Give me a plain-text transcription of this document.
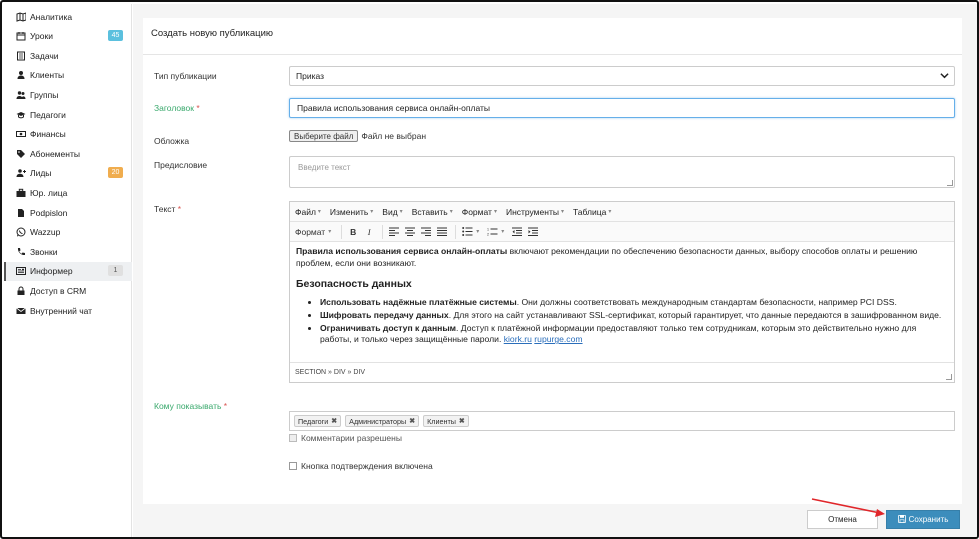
Аналитика
Уроки	45
Задачи
Клиенты
Группы
Педагоги
Финансы
Абонементы
Лиды	20
Юр. лица
Podpislon
Wazzup
Звонки
Информер	1
Доступ в CRM
Внутренний чат
Создать новую публикацию
Тип публикации	Приказ
Заголовок *	Правила использования сервиса онлайн-оплаты
Обложка	Выберите файл Файл не выбран
Предисловие	Введите текст
Текст *	Файл ▾ Изменить ▾ Вид ▾ Вставить ▾ Формат ▾ Инструменты ▾ Таблица ▾
Формат ▾	B	I	▾ 1
2 ▾

Правила использования сервиса онлайн-оплаты включают рекомендации по обеспечению безопасности данных, выбору способов оплаты и решению проблем, если они возникают.

Безопасность данных
• Использовать надёжные платёжные системы. Они должны соответствовать международным стандартам безопасности, например PCI DSS.
• Шифровать передачу данных. Для этого на сайт устанавливают SSL-сертификат, который гарантирует, что данные передаются в зашифрованном виде.
• Ограничивать доступ к данным. Доступ к платёжной информации предоставляют только тем сотрудникам, которым это действительно нужно для работы, и только через защищённые пароли. kiork.ru rupurge.com
SECTION » DIV » DIV
Кому показывать *
Педагоги ✖ Администраторы ✖ Клиенты ✖
Комментарии разрешены
Кнопка подтверждения включена
Отмена	Сохранить
